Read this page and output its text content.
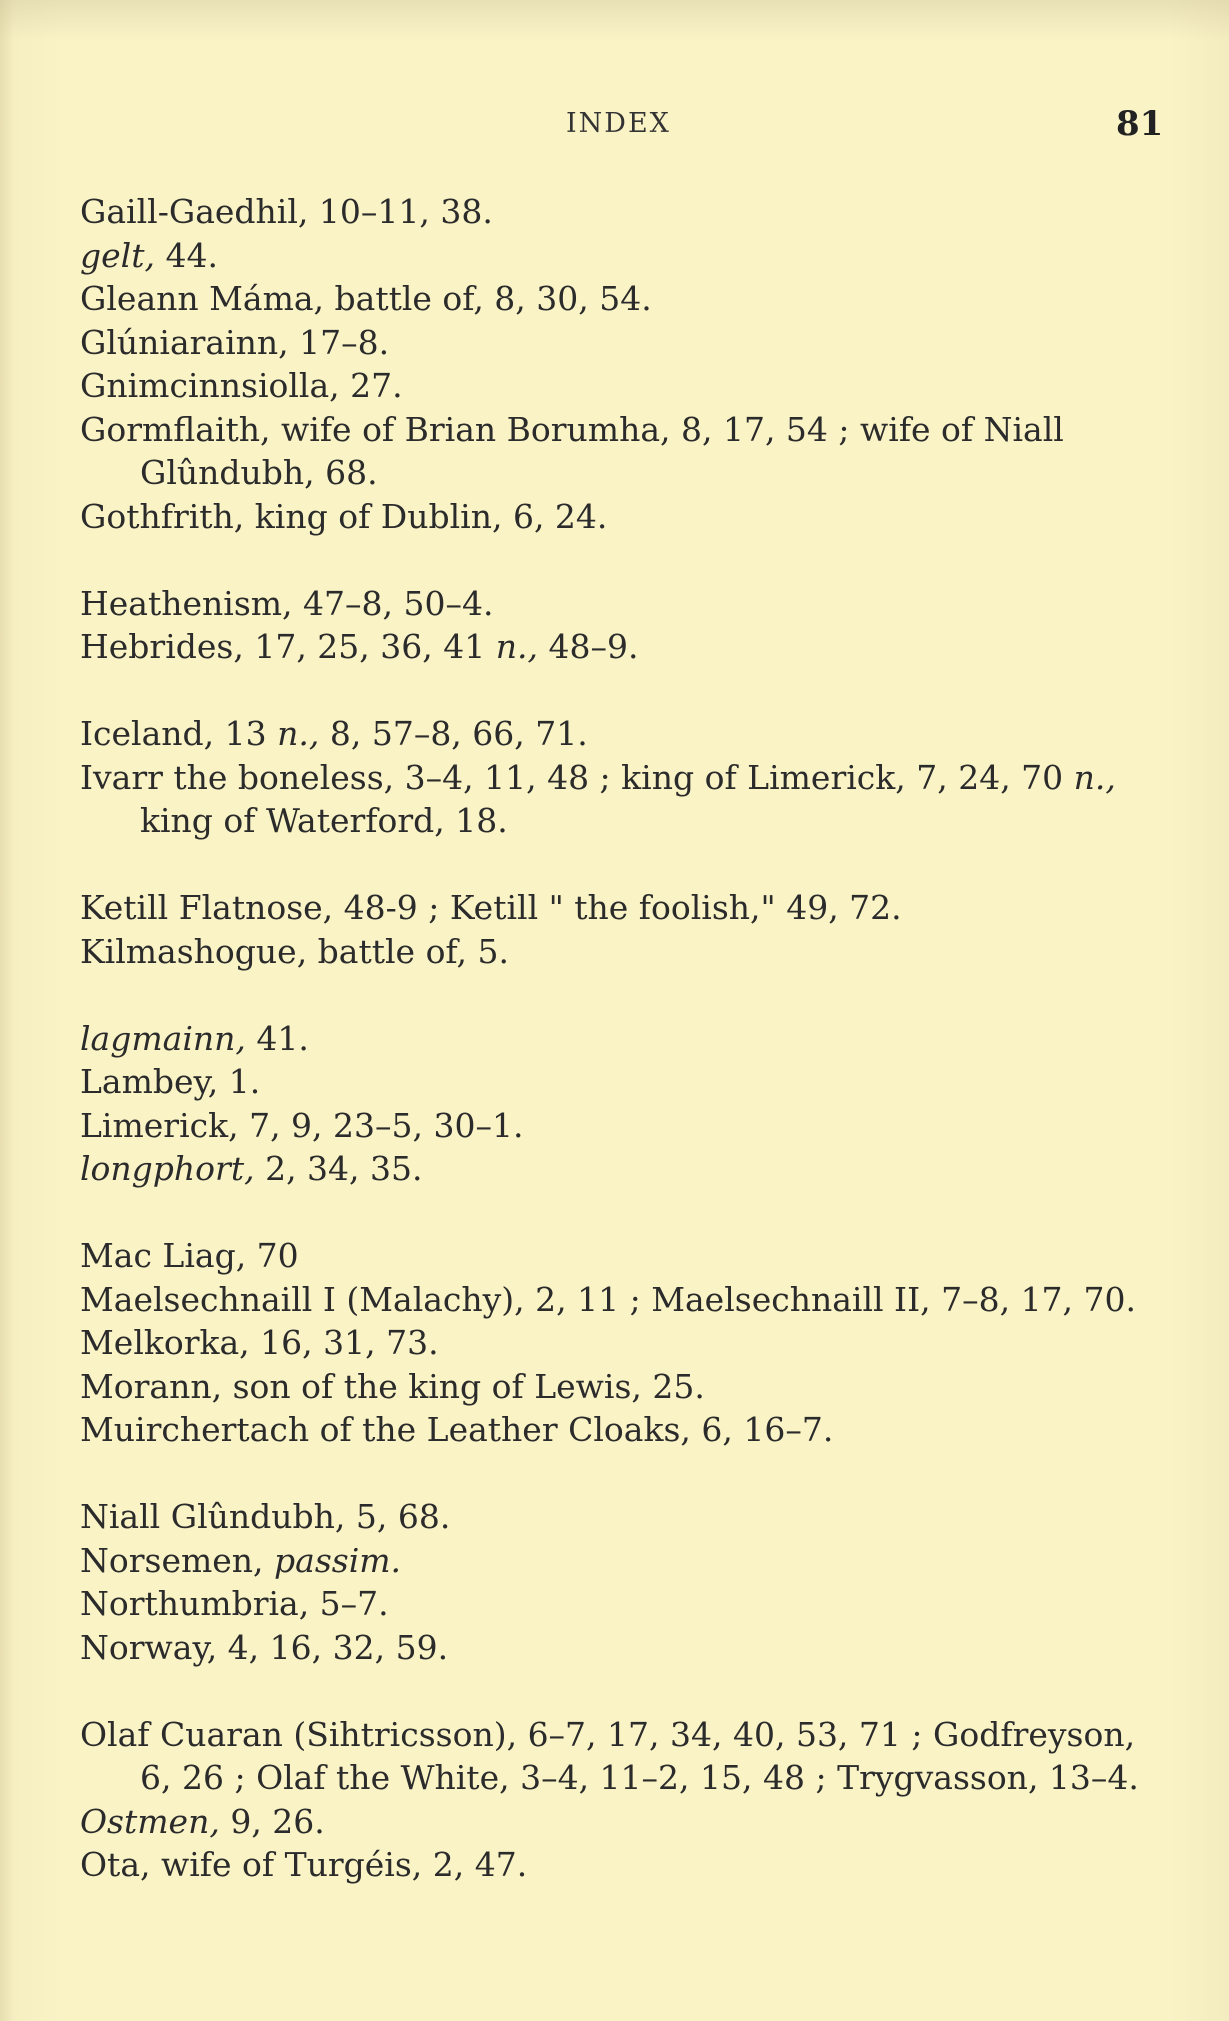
INDEX	81
Gaill-Gaedhil, 10–11, 38.
gelt, 44.
Gleann Máma, battle of, 8, 30, 54.
Glúniarainn, 17–8.
Gnimcinnsiolla, 27.
Gormflaith, wife of Brian Borumha, 8, 17, 54 ; wife of Niall
Glûndubh, 68.
Gothfrith, king of Dublin, 6, 24.
Heathenism, 47–8, 50–4.
Hebrides, 17, 25, 36, 41 n., 48–9.
Iceland, 13 n., 8, 57–8, 66, 71.
Ivarr the boneless, 3–4, 11, 48 ; king of Limerick, 7, 24, 70 n.,
king of Waterford, 18.
Ketill Flatnose, 48-9 ; Ketill " the foolish," 49, 72.
Kilmashogue, battle of, 5.
lagmainn, 41.
Lambey, 1.
Limerick, 7, 9, 23–5, 30–1.
longphort, 2, 34, 35.
Mac Liag, 70
Maelsechnaill I (Malachy), 2, 11 ; Maelsechnaill II, 7–8, 17, 70.
Melkorka, 16, 31, 73.
Morann, son of the king of Lewis, 25.
Muirchertach of the Leather Cloaks, 6, 16–7.
Niall Glûndubh, 5, 68.
Norsemen, passim.
Northumbria, 5–7.
Norway, 4, 16, 32, 59.
Olaf Cuaran (Sihtricsson), 6–7, 17, 34, 40, 53, 71 ; Godfreyson,
6, 26 ; Olaf the White, 3–4, 11–2, 15, 48 ; Trygvasson, 13–4.
Ostmen, 9, 26.
Ota, wife of Turgéis, 2, 47.
